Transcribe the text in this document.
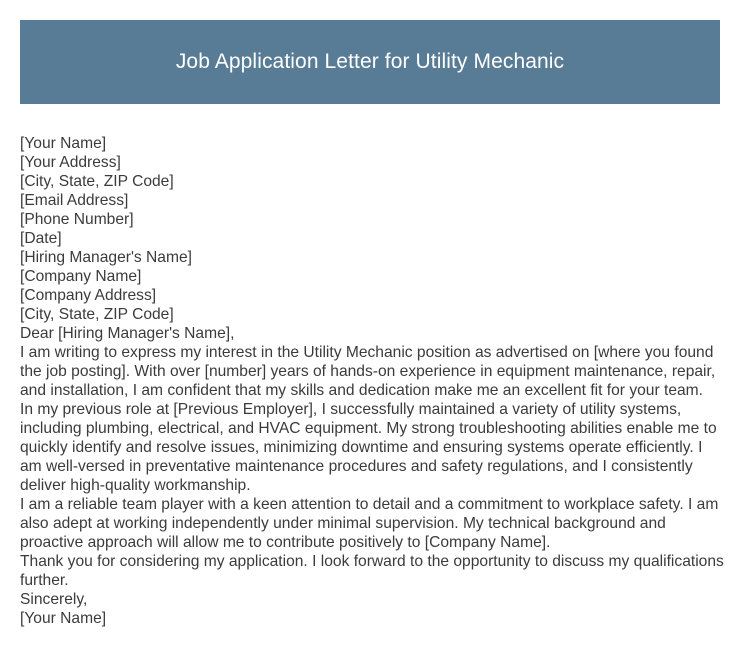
Job Application Letter for Utility Mechanic

[Your Name]

[Your Address]

[City, State, ZIP Code]

[Email Address]

[Phone Number]

[Date]

[Hiring Manager's Name]

[Company Name]

[Company Address]

[City, State, ZIP Code]

Dear [Hiring Manager's Name],

I am writing to express my interest in the Utility Mechanic position as advertised on [where you found the job posting]. With over [number] years of hands-on experience in equipment maintenance, repair, and installation, I am confident that my skills and dedication make me an excellent fit for your team.

In my previous role at [Previous Employer], I successfully maintained a variety of utility systems, including plumbing, electrical, and HVAC equipment. My strong troubleshooting abilities enable me to quickly identify and resolve issues, minimizing downtime and ensuring systems operate efficiently. I am well-versed in preventative maintenance procedures and safety regulations, and I consistently deliver high-quality workmanship.

I am a reliable team player with a keen attention to detail and a commitment to workplace safety. I am also adept at working independently under minimal supervision. My technical background and proactive approach will allow me to contribute positively to [Company Name].

Thank you for considering my application. I look forward to the opportunity to discuss my qualifications further.

Sincerely,

[Your Name]
